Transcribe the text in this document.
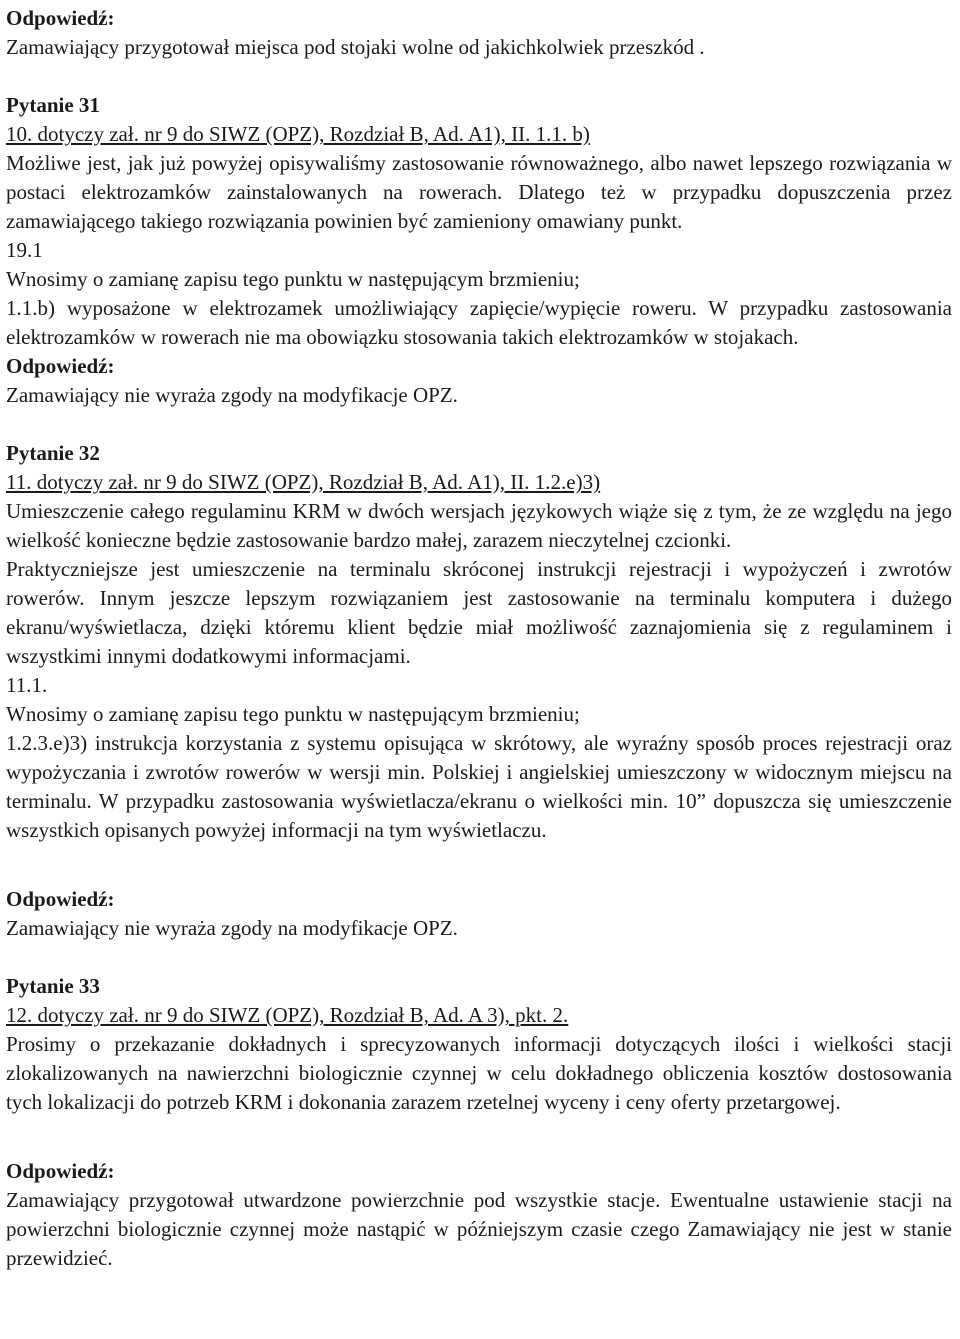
Odpowiedź:

Zamawiający przygotował miejsca pod stojaki wolne od jakichkolwiek przeszkód .

Pytanie 31

10. dotyczy zał. nr 9 do SIWZ (OPZ), Rozdział B, Ad. A1), II. 1.1. b)

Możliwe jest, jak już powyżej opisywaliśmy zastosowanie równoważnego, albo nawet lepszego rozwiązania w postaci elektrozamków zainstalowanych na rowerach. Dlatego też w przypadku dopuszczenia przez zamawiającego takiego rozwiązania powinien być zamieniony omawiany punkt.

19.1

Wnosimy o zamianę zapisu tego punktu w następującym brzmieniu;

1.1.b) wyposażone w elektrozamek umożliwiający zapięcie/wypięcie roweru. W przypadku zastosowania elektrozamków w rowerach nie ma obowiązku stosowania takich elektrozamków w stojakach.

Odpowiedź:

Zamawiający nie wyraża zgody na modyfikacje OPZ.

Pytanie 32

11. dotyczy zał. nr 9 do SIWZ (OPZ), Rozdział B, Ad. A1), II. 1.2.e)3)

Umieszczenie całego regulaminu KRM w dwóch wersjach językowych wiąże się z tym, że ze względu na jego wielkość konieczne będzie zastosowanie bardzo małej, zarazem nieczytelnej czcionki.

Praktyczniejsze jest umieszczenie na terminalu skróconej instrukcji rejestracji i wypożyczeń i zwrotów rowerów. Innym jeszcze lepszym rozwiązaniem jest zastosowanie na terminalu komputera i dużego ekranu/wyświetlacza, dzięki któremu klient będzie miał możliwość zaznajomienia się z regulaminem i wszystkimi innymi dodatkowymi informacjami.

11.1.

Wnosimy o zamianę zapisu tego punktu w następującym brzmieniu;

1.2.3.e)3) instrukcja korzystania z systemu opisująca w skrótowy, ale wyraźny sposób proces rejestracji oraz wypożyczania i zwrotów rowerów w wersji min. Polskiej i angielskiej umieszczony w widocznym miejscu na terminalu. W przypadku zastosowania wyświetlacza/ekranu o wielkości min. 10” dopuszcza się umieszczenie wszystkich opisanych powyżej informacji na tym wyświetlaczu.

Odpowiedź:

Zamawiający nie wyraża zgody na modyfikacje OPZ.

Pytanie 33

12. dotyczy zał. nr 9 do SIWZ (OPZ), Rozdział B, Ad. A 3), pkt. 2.

Prosimy o przekazanie dokładnych i sprecyzowanych informacji dotyczących ilości i wielkości stacji zlokalizowanych na nawierzchni biologicznie czynnej w celu dokładnego obliczenia kosztów dostosowania tych lokalizacji do potrzeb KRM i dokonania zarazem rzetelnej wyceny i ceny oferty przetargowej.

Odpowiedź:

Zamawiający przygotował utwardzone powierzchnie pod wszystkie stacje. Ewentualne ustawienie stacji na powierzchni biologicznie czynnej może nastąpić w późniejszym czasie czego Zamawiający nie jest w stanie przewidzieć.
